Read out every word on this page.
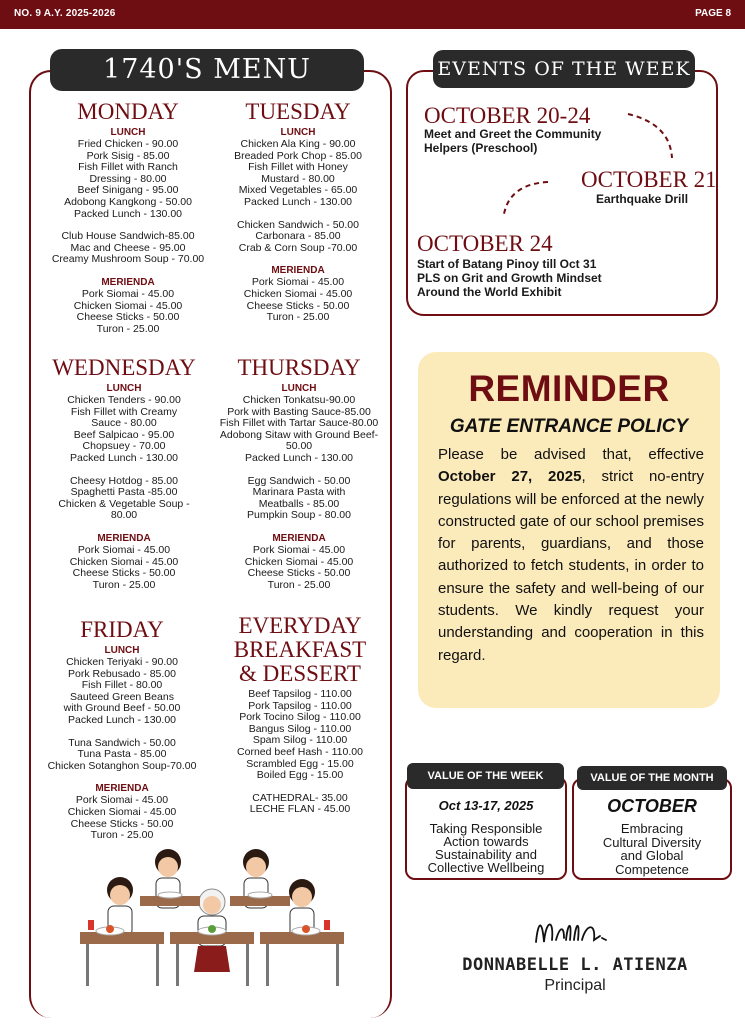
NO. 9 A.Y. 2025-2026	PAGE 8
1740'S MENU
MONDAY
LUNCH
Fried Chicken - 90.00
Pork Sisig - 85.00
Fish Fillet with Ranch
Dressing - 80.00
Beef Sinigang - 95.00
Adobong Kangkong - 50.00
Packed Lunch - 130.00
Club House Sandwich-85.00
Mac and Cheese - 95.00
Creamy Mushroom Soup - 70.00
MERIENDA
Pork Siomai - 45.00
Chicken Siomai - 45.00
Cheese Sticks - 50.00
Turon - 25.00
TUESDAY
LUNCH
Chicken Ala King - 90.00
Breaded Pork Chop - 85.00
Fish Fillet with Honey
Mustard - 80.00
Mixed Vegetables - 65.00
Packed Lunch - 130.00
Chicken Sandwich - 50.00
Carbonara - 85.00
Crab & Corn Soup -70.00
MERIENDA
Pork Siomai - 45.00
Chicken Siomai - 45.00
Cheese Sticks - 50.00
Turon - 25.00
WEDNESDAY
LUNCH
Chicken Tenders - 90.00
Fish Fillet with Creamy
Sauce - 80.00
Beef Salpicao - 95.00
Chopsuey - 70.00
Packed Lunch - 130.00
Cheesy Hotdog - 85.00
Spaghetti Pasta -85.00
Chicken & Vegetable Soup -
80.00
MERIENDA
Pork Siomai - 45.00
Chicken Siomai - 45.00
Cheese Sticks - 50.00
Turon - 25.00
THURSDAY
LUNCH
Chicken Tonkatsu-90.00
Pork with Basting Sauce-85.00
Fish Fillet with Tartar Sauce-80.00
Adobong Sitaw with Ground Beef-
50.00
Packed Lunch - 130.00
Egg Sandwich - 50.00
Marinara Pasta with
Meatballs - 85.00
Pumpkin Soup - 80.00
MERIENDA
Pork Siomai - 45.00
Chicken Siomai - 45.00
Cheese Sticks - 50.00
Turon - 25.00
FRIDAY
LUNCH
Chicken Teriyaki - 90.00
Pork Rebusado - 85.00
Fish Fillet - 80.00
Sauteed Green Beans
with Ground Beef - 50.00
Packed Lunch - 130.00
Tuna Sandwich - 50.00
Tuna Pasta - 85.00
Chicken Sotanghon Soup-70.00
MERIENDA
Pork Siomai - 45.00
Chicken Siomai - 45.00
Cheese Sticks - 50.00
Turon - 25.00
EVERYDAY
BREAKFAST
& DESSERT
Beef Tapsilog - 110.00
Pork Tapsilog - 110.00
Pork Tocino Silog - 110.00
Bangus Silog - 110.00
Spam Silog - 110.00
Corned beef Hash - 110.00
Scrambled Egg - 15.00
Boiled Egg - 15.00
CATHEDRAL- 35.00
LECHE FLAN - 45.00
EVENTS OF THE WEEK
OCTOBER 20-24
Meet and Greet the Community
Helpers (Preschool)
OCTOBER 21
Earthquake Drill
OCTOBER 24
Start of Batang Pinoy till Oct 31
PLS on Grit and Growth Mindset
Around the World Exhibit
REMINDER
GATE ENTRANCE POLICY
Please be advised that, effective October 27, 2025, strict no-entry regulations will be enforced at the newly constructed gate of our school premises for parents, guardians, and those authorized to fetch students, in order to ensure the safety and well-being of our students. We kindly request your understanding and cooperation in this regard.
Oct 13-17, 2025
Taking Responsible
Action towards
Sustainability and
Collective Wellbeing
VALUE OF THE WEEK
OCTOBER
Embracing
Cultural Diversity
and Global
Competence
VALUE OF THE MONTH
DONNABELLE L. ATIENZA
Principal
